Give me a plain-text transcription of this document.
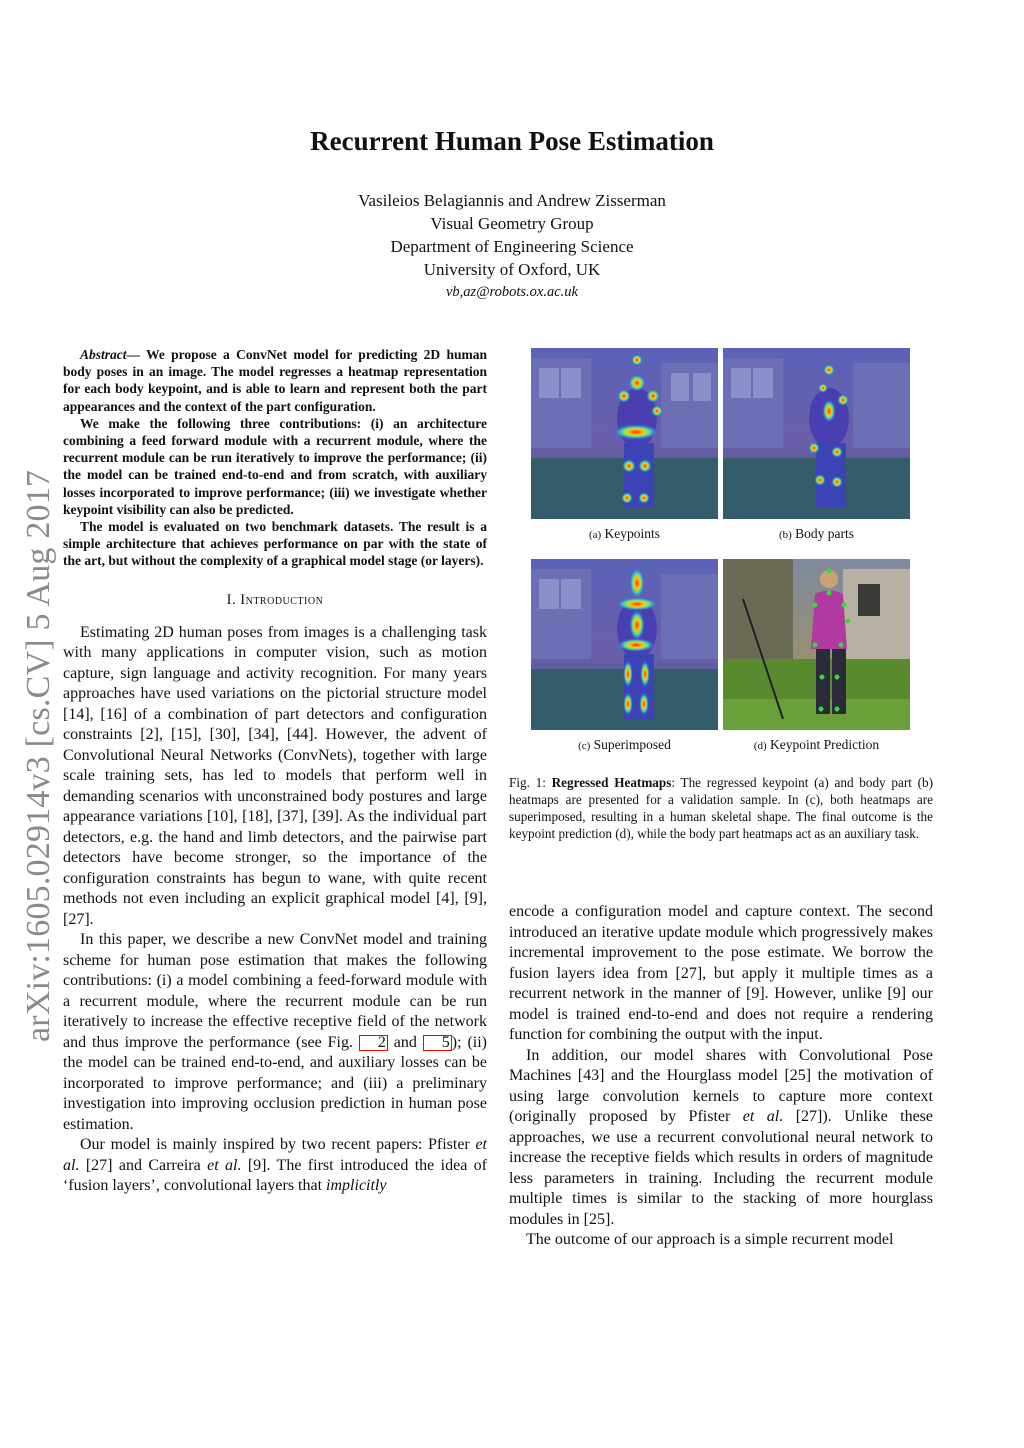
arXiv:1605.02914v3 [cs.CV] 5 Aug 2017
Recurrent Human Pose Estimation
Vasileios Belagiannis and Andrew Zisserman
Visual Geometry Group
Department of Engineering Science
University of Oxford, UK
vb,az@robots.ox.ac.uk

Abstract— We propose a ConvNet model for predicting 2D human body poses in an image. The model regresses a heatmap representation for each body keypoint, and is able to learn and represent both the part appearances and the context of the part configuration.

We make the following three contributions: (i) an architecture combining a feed forward module with a recurrent module, where the recurrent module can be run iteratively to improve the performance; (ii) the model can be trained end-to-end and from scratch, with auxiliary losses incorporated to improve performance; (iii) we investigate whether keypoint visibility can also be predicted.

The model is evaluated on two benchmark datasets. The result is a simple architecture that achieves performance on par with the state of the art, but without the complexity of a graphical model stage (or layers).

I. Introduction

Estimating 2D human poses from images is a challenging task with many applications in computer vision, such as motion capture, sign language and activity recognition. For many years approaches have used variations on the pictorial structure model [14], [16] of a combination of part detectors and configuration constraints [2], [15], [30], [34], [44]. However, the advent of Convolutional Neural Networks (ConvNets), together with large scale training sets, has led to models that perform well in demanding scenarios with unconstrained body postures and large appearance variations [10], [18], [37], [39]. As the individual part detectors, e.g. the hand and limb detectors, and the pairwise part detectors have become stronger, so the importance of the configuration constraints has begun to wane, with quite recent methods not even including an explicit graphical model [4], [9], [27].

In this paper, we describe a new ConvNet model and training scheme for human pose estimation that makes the following contributions: (i) a model combining a feed-forward module with a recurrent module, where the recurrent module can be run iteratively to increase the effective receptive field of the network and thus improve the performance (see Fig. 2 and 5 ); (ii) the model can be trained end-to-end, and auxiliary losses can be incorporated to improve performance; and (iii) a preliminary investigation into improving occlusion prediction in human pose estimation.

Our model is mainly inspired by two recent papers: Pfister et al. [27] and Carreira et al. [9]. The first introduced the idea of ‘fusion layers’, convolutional layers that implicitly

(a) Keypoints	(b) Body parts
(c) Superimposed	(d) Keypoint Prediction
Fig. 1: Regressed Heatmaps: The regressed keypoint (a) and body part (b) heatmaps are presented for a validation sample. In (c), both heatmaps are superimposed, resulting in a human skeletal shape. The final outcome is the keypoint prediction (d), while the body part heatmaps act as an auxiliary task.

encode a configuration model and capture context. The second introduced an iterative update module which progressively makes incremental improvement to the pose estimate. We borrow the fusion layers idea from [27], but apply it multiple times as a recurrent network in the manner of [9]. However, unlike [9] our model is trained end-to-end and does not require a rendering function for combining the output with the input.

In addition, our model shares with Convolutional Pose Machines [43] and the Hourglass model [25] the motivation of using large convolution kernels to capture more context (originally proposed by Pfister et al. [27]). Unlike these approaches, we use a recurrent convolutional neural network to increase the receptive fields which results in orders of magnitude less parameters in training. Including the recurrent module multiple times is similar to the stacking of more hourglass modules in [25].

The outcome of our approach is a simple recurrent model
